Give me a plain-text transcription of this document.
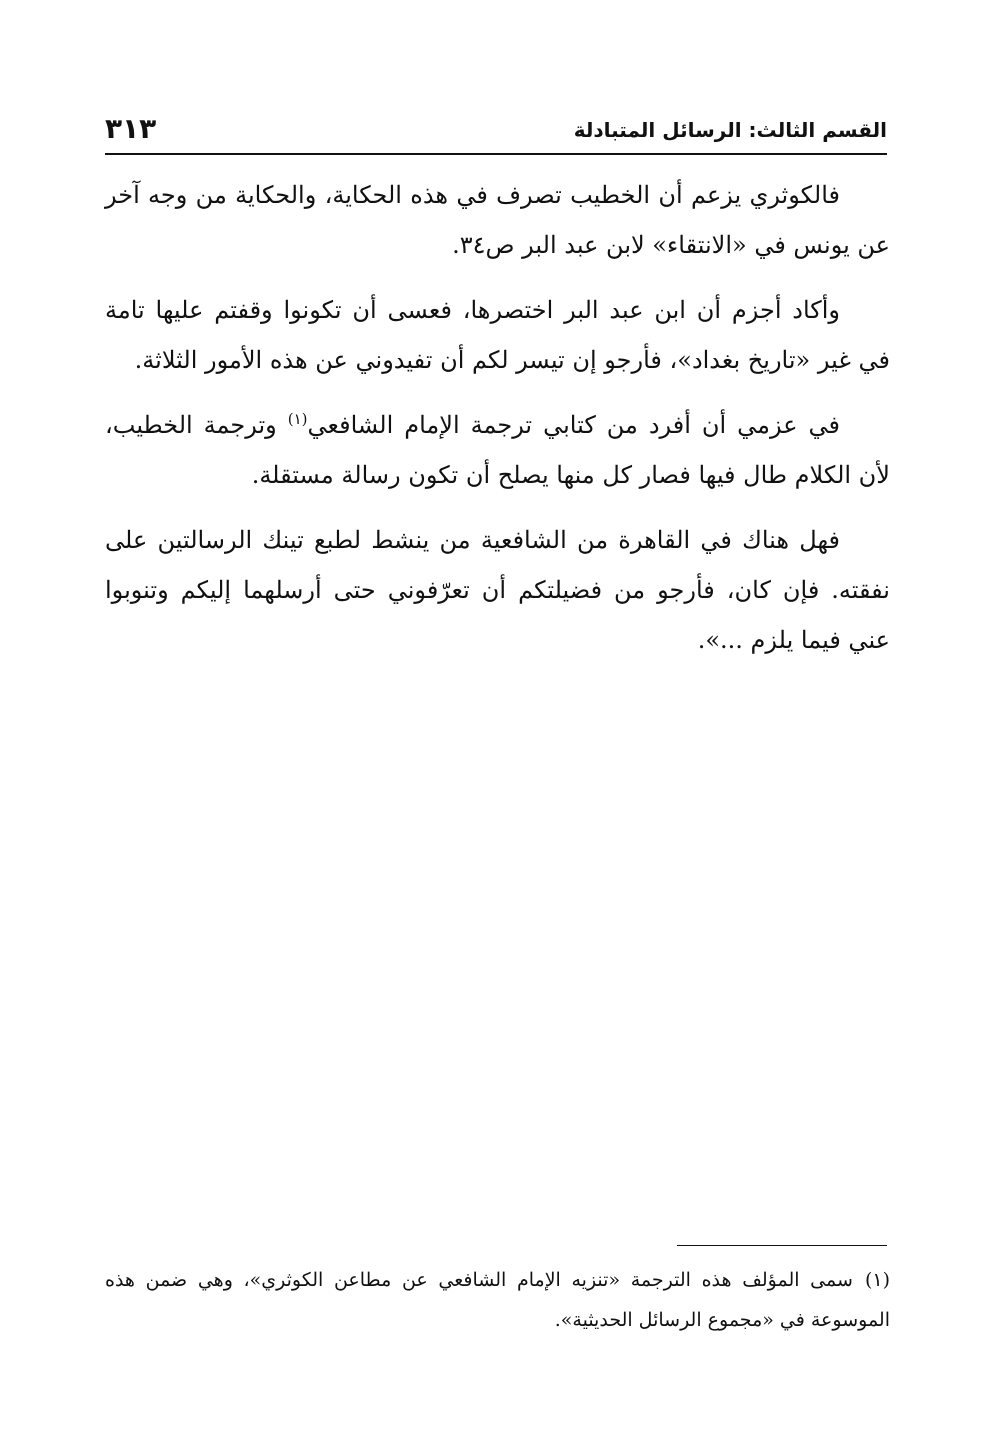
القسم الثالث: الرسائل المتبادلة
٣١٣

فالكوثري يزعم أن الخطيب تصرف في هذه الحكاية، والحكاية من وجه آخر عن يونس في «الانتقاء» لابن عبد البر ص٣٤.

وأكاد أجزم أن ابن عبد البر اختصرها، فعسى أن تكونوا وقفتم عليها تامة في غير «تاريخ بغداد»، فأرجو إن تيسر لكم أن تفيدوني عن هذه الأمور الثلاثة.

في عزمي أن أفرد من كتابي ترجمة الإمام الشافعي$^{(١)}$ وترجمة الخطيب، لأن الكلام طال فيها فصار كل منها يصلح أن تكون رسالة مستقلة.

فهل هناك في القاهرة من الشافعية من ينشط لطبع تينك الرسالتين على نفقته. فإن كان، فأرجو من فضيلتكم أن تعرّفوني حتى أرسلهما إليكم وتنوبوا عني فيما يلزم ...».

(١)سمى المؤلف هذه الترجمة «تنزيه الإمام الشافعي عن مطاعن الكوثري»، وهي ضمن هذه الموسوعة في «مجموع الرسائل الحديثية».
